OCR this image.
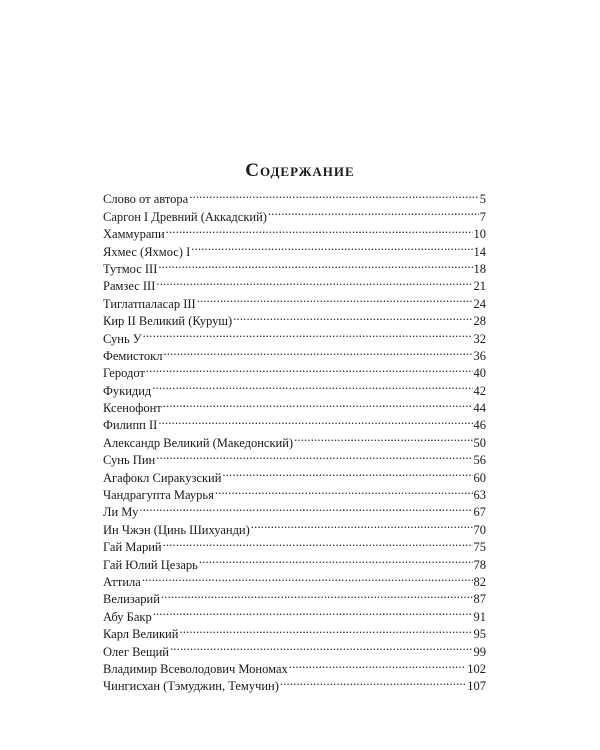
Содержание
Слово от автора .....	5
Саргон I Древний (Аккадский) .....	7
Хаммурапи .....	10
Яхмес (Яхмос) I .....	14
Тутмос III .....	18
Рамзес III .....	21
Тиглатпаласар III .....	24
Кир II Великий (Куруш) .....	28
Сунь У .....	32
Фемистокл .....	36
Геродот .....	40
Фукидид .....	42
Ксенофонт .....	44
Филипп II .....	46
Александр Великий (Македонский) .....	50
Сунь Пин .....	56
Агафокл Сиракузский .....	60
Чандрагупта Маурья .....	63
Ли Му .....	67
Ин Чжэн (Цинь Шихуанди) .....	70
Гай Марий .....	75
Гай Юлий Цезарь .....	78
Аттила .....	82
Велизарий .....	87
Абу Бакр .....	91
Карл Великий .....	95
Олег Вещий .....	99
Владимир Всеволодович Мономах .....	102
Чингисхан (Тэмуджин, Темучин) .....	107
